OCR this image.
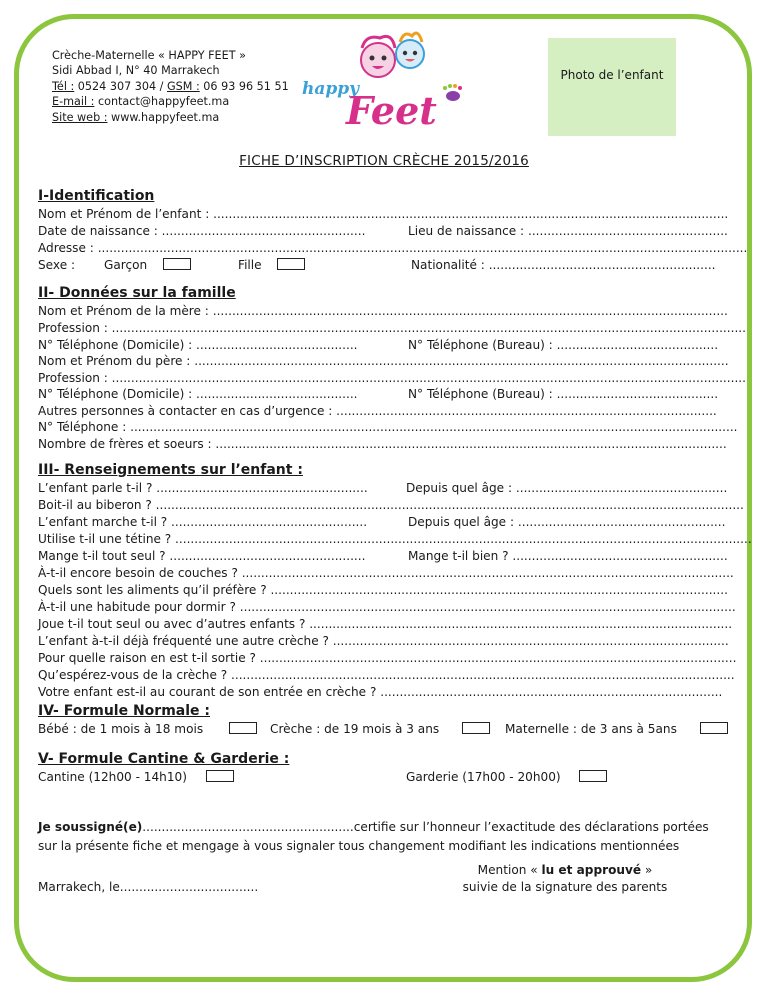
Crèche-Maternelle « HAPPY FEET »
Sidi Abbad I, N° 40 Marrakech
Tél : 0524 307 304 / GSM : 06 93 96 51 51
E-mail : contact@happyfeet.ma
Site web : www.happyfeet.ma
happy
Feet
Photo de l’enfant
FICHE D’INSCRIPTION CRÈCHE 2015/2016
I-Identification
Nom et Prénom de l’enfant : ......................................................................................................................................
Date de naissance : .....................................................	Lieu de naissance : ....................................................
Adresse : .........................................................................................................................................................................
Sexe : Garçon	Fille	Nationalité : ...........................................................
II- Données sur la famille
Nom et Prénom de la mère : ......................................................................................................................................
Profession : .....................................................................................................................................................................
N° Téléphone (Domicile) : ..........................................	N° Téléphone (Bureau) : ..........................................
Nom et Prénom du père : ...........................................................................................................................................
Profession : .....................................................................................................................................................................
N° Téléphone (Domicile) : ..........................................	N° Téléphone (Bureau) : ..........................................
Autres personnes à contacter en cas d’urgence : ...................................................................................................
N° Téléphone : ..............................................................................................................................................................
Nombre de frères et soeurs : .....................................................................................................................................
III- Renseignements sur l’enfant :
L’enfant parle t-il ? .......................................................	Depuis quel âge : .......................................................
Boit-il au biberon ? .........................................................................................................................................................
L’enfant marche t-il ? ...................................................	Depuis quel âge : ......................................................
Utilise t-il une tétine ? ......................................................................................................................................................
Mange t-il tout seul ? ...................................................	Mange t-il bien ? ........................................................
À-t-il encore besoin de couches ? ................................................................................................................................
Quels sont les aliments qu’il préfère ? .......................................................................................................................
À-t-il une habitude pour dormir ? .................................................................................................................................
Joue t-il tout seul ou avec d’autres enfants ? ..............................................................................................................
L’enfant à-t-il déjà fréquenté une autre crèche ? .......................................................................................................
Pour quelle raison en est t-il sortie ? ............................................................................................................................
Qu’espérez-vous de la crèche ? ...................................................................................................................................
Votre enfant est-il au courant de son entrée en crèche ? .........................................................................................
IV- Formule Normale :
Bébé : de 1 mois à 18 mois	Crèche : de 19 mois à 3 ans	Maternelle : de 3 ans à 5ans
V- Formule Cantine & Garderie :
Cantine (12h00 - 14h10)	Garderie (17h00 - 20h00)
Je soussigné(e).......................................................certifie sur l’honneur l’exactitude des déclarations portées
sur la présente fiche et mengage à vous signaler tous changement modifiant les indications mentionnées
Mention « lu et approuvé »
suivie de la signature des parents
Marrakech, le....................................
